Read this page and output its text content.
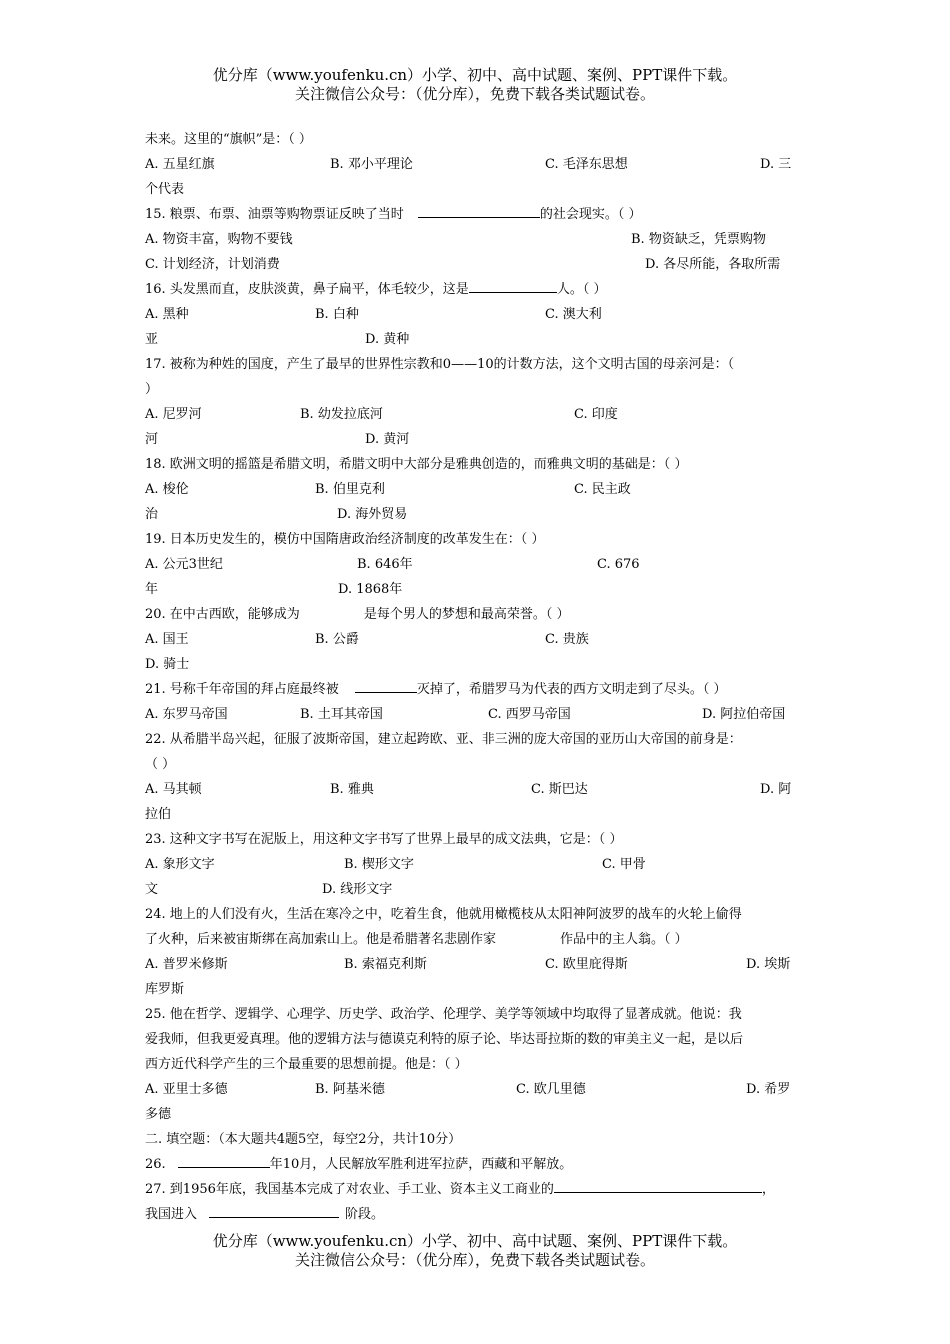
优分库（www.youfenku.cn）小学、初中、高中试题、案例、PPT课件下载。
关注微信公众号：（优分库），免费下载各类试题试卷。
未来。这里的“旗帜”是：（ ）
A. 五星红旗	B. 邓小平理论	C. 毛泽东思想	D. 三
个代表
15. 粮票、布票、油票等购物票证反映了当时	的社会现实。（ ）
A. 物资丰富，购物不要钱	B. 物资缺乏，凭票购物
C. 计划经济，计划消费	D. 各尽所能，各取所需
16. 头发黑而直，皮肤淡黄，鼻子扁平，体毛较少，这是	人。（ ）
A. 黑种	B. 白种	C. 澳大利
亚	D. 黄种
17. 被称为种姓的国度，产生了最早的世界性宗教和0——10的计数方法，这个文明古国的母亲河是：（
）
A. 尼罗河	B. 幼发拉底河	C. 印度
河	D. 黄河
18. 欧洲文明的摇篮是希腊文明，希腊文明中大部分是雅典创造的，而雅典文明的基础是：（ ）
A. 梭伦	B. 伯里克利	C. 民主政
治	D. 海外贸易
19. 日本历史发生的，模仿中国隋唐政治经济制度的改革发生在：（ ）
A. 公元3世纪	B. 646年	C. 676
年	D. 1868年
20. 在中古西欧，能够成为	是每个男人的梦想和最高荣誉。（ ）
A. 国王	B. 公爵	C. 贵族
D. 骑士
21. 号称千年帝国的拜占庭最终被	灭掉了，希腊罗马为代表的西方文明走到了尽头。（ ）
A. 东罗马帝国	B. 土耳其帝国	C. 西罗马帝国	D. 阿拉伯帝国
22. 从希腊半岛兴起，征服了波斯帝国，建立起跨欧、亚、非三洲的庞大帝国的亚历山大帝国的前身是：
（ ）
A. 马其顿	B. 雅典	C. 斯巴达	D. 阿
拉伯
23. 这种文字书写在泥版上，用这种文字书写了世界上最早的成文法典，它是：（ ）
A. 象形文字	B. 楔形文字	C. 甲骨
文	D. 线形文字
24. 地上的人们没有火，生活在寒冷之中，吃着生食，他就用橄榄枝从太阳神阿波罗的战车的火轮上偷得
了火种，后来被宙斯绑在高加索山上。他是希腊著名悲剧作家	作品中的主人翁。（ ）
A. 普罗米修斯	B. 索福克利斯	C. 欧里庇得斯	D. 埃斯
库罗斯
25. 他在哲学、逻辑学、心理学、历史学、政治学、伦理学、美学等领域中均取得了显著成就。他说：我
爱我师，但我更爱真理。他的逻辑方法与德谟克利特的原子论、毕达哥拉斯的数的审美主义一起，是以后
西方近代科学产生的三个最重要的思想前提。他是：（ ）
A. 亚里士多德	B. 阿基米德	C. 欧几里德	D. 希罗
多德
二. 填空题：（本大题共4题5空，每空2分，共计10分）
26.	年10月，人民解放军胜利进军拉萨，西藏和平解放。
27. 到1956年底，我国基本完成了对农业、手工业、资本主义工商业的	，
我国进入	阶段。
优分库（www.youfenku.cn）小学、初中、高中试题、案例、PPT课件下载。
关注微信公众号：（优分库），免费下载各类试题试卷。
